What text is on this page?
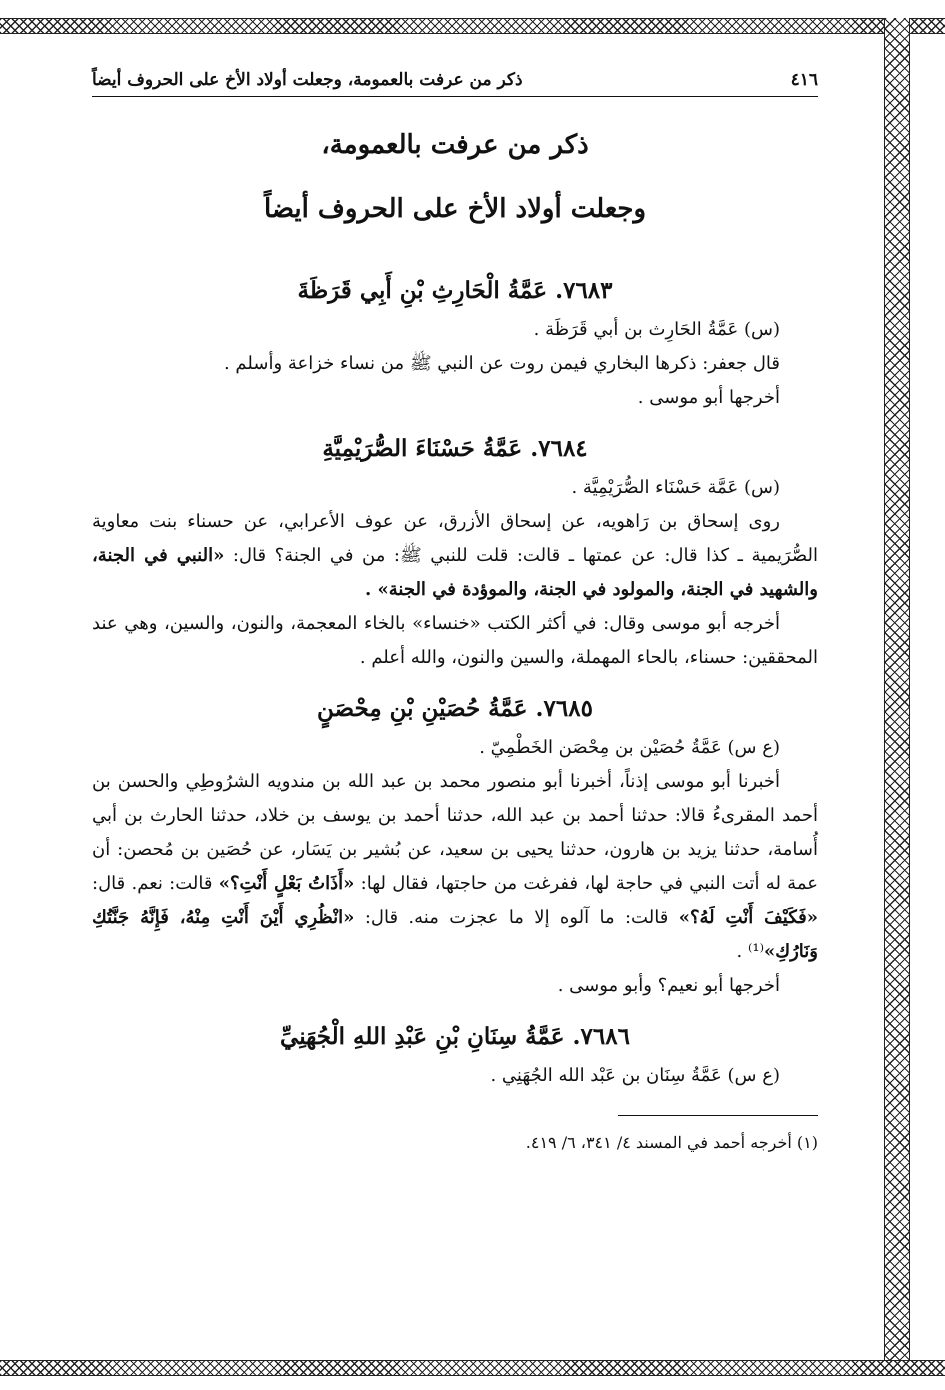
٤١٦
ذكر من عرفت بالعمومة، وجعلت أولاد الأخ على الحروف أيضاً
ذكر من عرفت بالعمومة،
وجعلت أولاد الأخ على الحروف أيضاً
٧٦٨٣. عَمَّةُ الْحَارِثِ بْنِ أَبِي قَرَظَةَ

(س) عَمَّةُ الحَارِث بن أبي قَرَظَة .

قال جعفر: ذكرها البخاري فيمن روت عن النبي ﷺ من نساء خزاعة وأسلم .

أخرجها أبو موسى .

٧٦٨٤. عَمَّةُ حَسْنَاءَ الصُّرَيْمِيَّةِ

(س) عَمَّة حَسْنَاء الصُّرَيْمِيَّة .

روى إسحاق بن رَاهويه، عن إسحاق الأزرق، عن عوف الأعرابي، عن حسناء بنت معاوية الصُّرَيمية ـ كذا قال: عن عمتها ـ قالت: قلت للنبي ﷺ: من في الجنة؟ قال: «النبي في الجنة، والشهيد في الجنة، والمولود في الجنة، والموؤدة في الجنة» .

أخرجه أبو موسى وقال: في أكثر الكتب «خنساء» بالخاء المعجمة، والنون، والسين، وهي عند المحققين: حسناء، بالحاء المهملة، والسين والنون، والله أعلم .

٧٦٨٥. عَمَّةُ حُصَيْنِ بْنِ مِحْصَنٍ

(ع س) عَمَّةُ حُصَيْن بن مِحْصَن الخَطْمِيّ .

أخبرنا أبو موسى إذناً، أخبرنا أبو منصور محمد بن عبد الله بن مندويه الشرُوطِي والحسن بن أحمد المقرىءُ قالا: حدثنا أحمد بن عبد الله، حدثنا أحمد بن يوسف بن خلاد، حدثنا الحارث بن أبي أُسامة، حدثنا يزيد بن هارون، حدثنا يحيى بن سعيد، عن بُشير بن يَسَار، عن حُصَين بن مُحصن: أن عمة له أتت النبي في حاجة لها، ففرغت من حاجتها، فقال لها: «أَذَاتُ بَعْلٍ أَنْتِ؟» قالت: نعم. قال: «فَكَيْفَ أَنْتِ لَهُ؟» قالت: ما آلوه إلا ما عجزت منه. قال: «انْظُرِي أَيْنَ أَنْتِ مِنْهُ، فَإِنَّهُ جَنَّتُكِ وَنَارُكِ»⁽¹⁾ .

أخرجها أبو نعيم؟ وأبو موسى .

٧٦٨٦. عَمَّةُ سِنَانِ بْنِ عَبْدِ اللهِ الْجُهَنِيِّ

(ع س) عَمَّةُ سِنَان بن عَبْد الله الجُهَنِي .

(١) أخرجه أحمد في المسند ٤/ ٣٤١، ٦/ ٤١٩.
